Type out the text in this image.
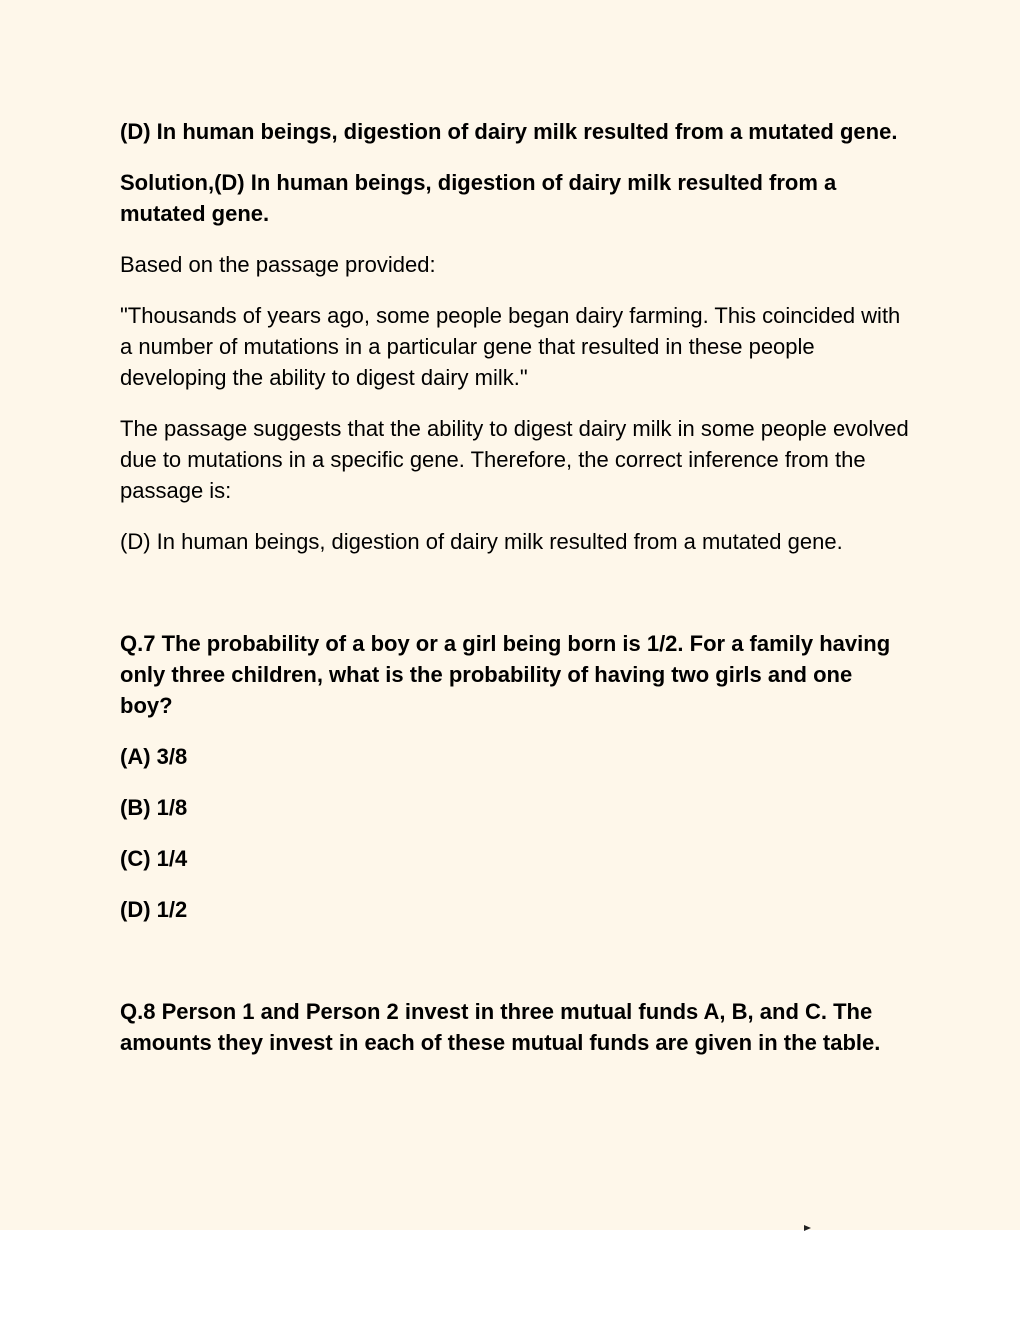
(D) In human beings, digestion of dairy milk resulted from a mutated gene.

Solution,(D) In human beings, digestion of dairy milk resulted from a mutated gene.

Based on the passage provided:

"Thousands of years ago, some people began dairy farming. This coincided with a number of mutations in a particular gene that resulted in these people developing the ability to digest dairy milk."

The passage suggests that the ability to digest dairy milk in some people evolved due to mutations in a specific gene. Therefore, the correct inference from the passage is:

(D) In human beings, digestion of dairy milk resulted from a mutated gene.

Q.7 The probability of a boy or a girl being born is 1/2. For a family having only three children, what is the probability of having two girls and one boy?

(A) 3/8

(B) 1/8

(C) 1/4

(D) 1/2

Q.8 Person 1 and Person 2 invest in three mutual funds A, B, and C. The amounts they invest in each of these mutual funds are given in the table.
